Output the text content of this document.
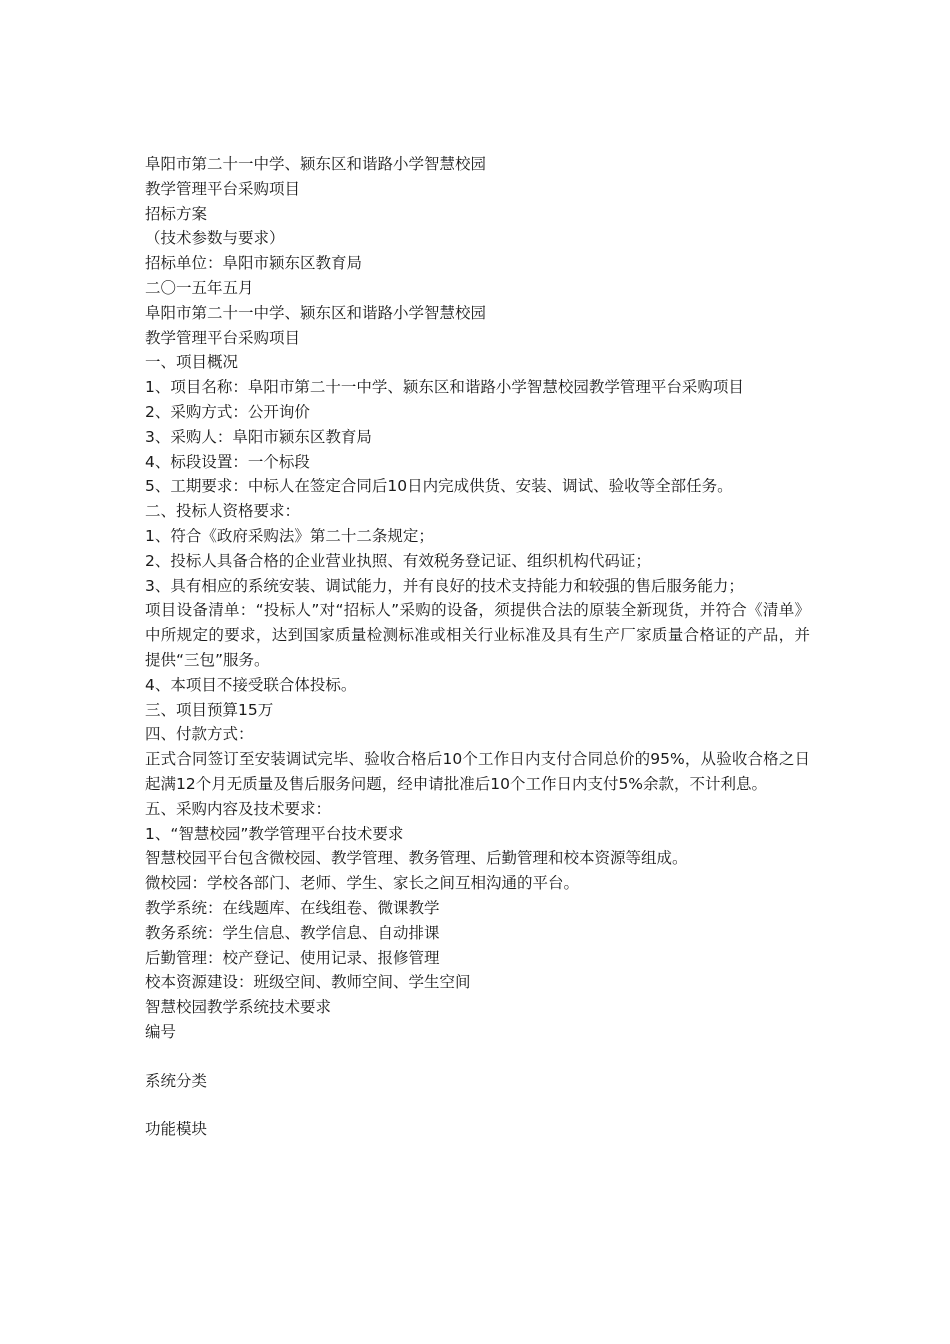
阜阳市第二十一中学、颍东区和谐路小学智慧校园

教学管理平台采购项目

招标方案

（技术参数与要求）

招标单位：阜阳市颍东区教育局

二〇一五年五月

阜阳市第二十一中学、颍东区和谐路小学智慧校园

教学管理平台采购项目

一、项目概况

1、项目名称：阜阳市第二十一中学、颍东区和谐路小学智慧校园教学管理平台采购项目

2、采购方式：公开询价

3、采购人：阜阳市颍东区教育局

4、标段设置：一个标段

5、工期要求：中标人在签定合同后10日内完成供货、安装、调试、验收等全部任务。

二、投标人资格要求：

1、符合《政府采购法》第二十二条规定；

2、投标人具备合格的企业营业执照、有效税务登记证、组织机构代码证；

3、具有相应的系统安装、调试能力，并有良好的技术支持能力和较强的售后服务能力；

项目设备清单：“投标人”对“招标人”采购的设备，须提供合法的原装全新现货，并符合《清单》中所规定的要求，达到国家质量检测标准或相关行业标准及具有生产厂家质量合格证的产品，并提供“三包”服务。

4、本项目不接受联合体投标。

三、项目预算15万

四、付款方式：

正式合同签订至安装调试完毕、验收合格后10个工作日内支付合同总价的95%，从验收合格之日起满12个月无质量及售后服务问题，经申请批准后10个工作日内支付5%余款，不计利息。

五、采购内容及技术要求：

1、“智慧校园”教学管理平台技术要求

智慧校园平台包含微校园、教学管理、教务管理、后勤管理和校本资源等组成。

微校园：学校各部门、老师、学生、家长之间互相沟通的平台。

教学系统：在线题库、在线组卷、微课教学

教务系统：学生信息、教学信息、自动排课

后勤管理：校产登记、使用记录、报修管理

校本资源建设：班级空间、教师空间、学生空间

智慧校园教学系统技术要求

编号

系统分类

功能模块
